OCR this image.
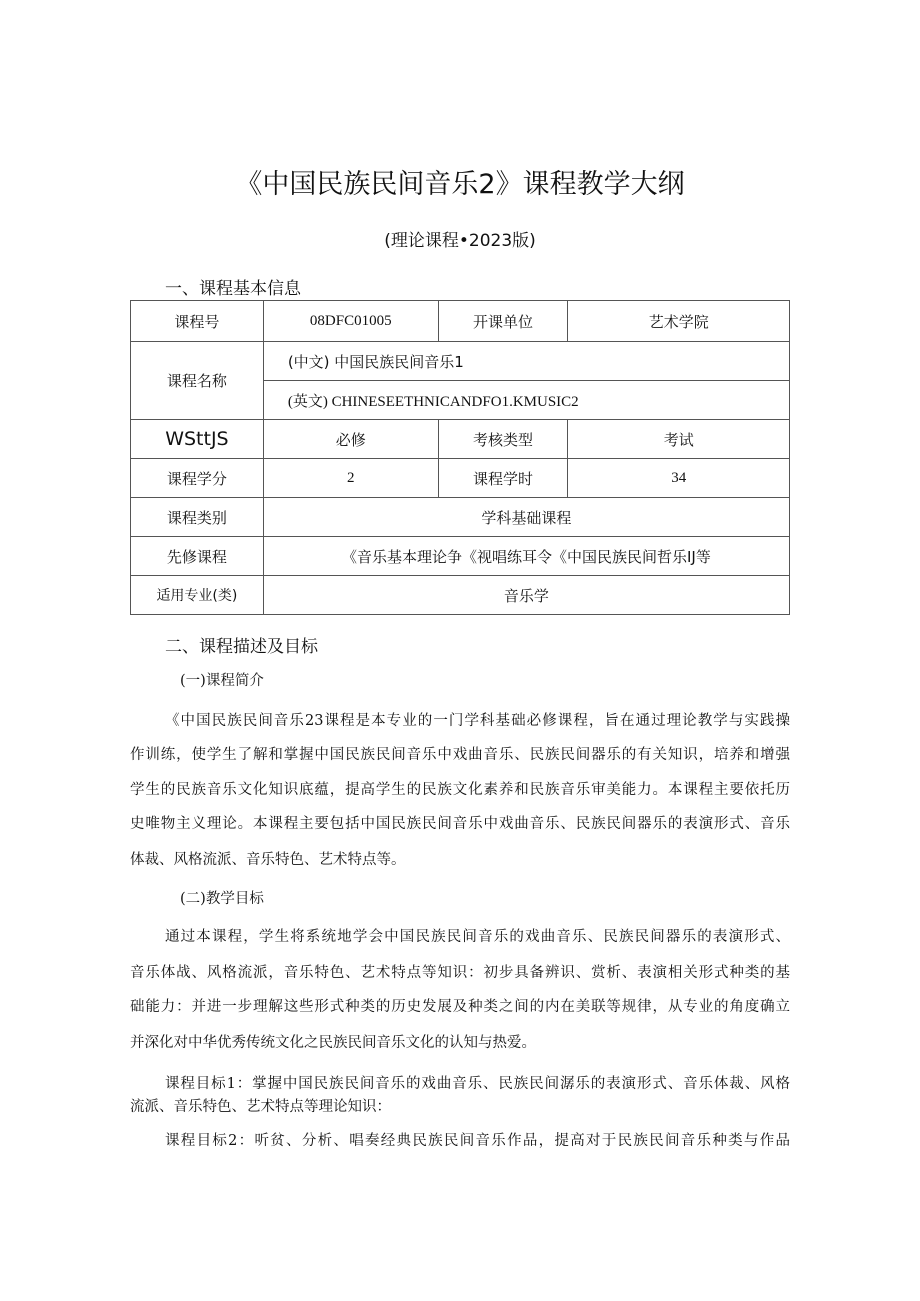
《中国民族民间音乐2》课程教学大纲
(理论课程•2023版)
一、课程基本信息
课程号	08DFC01005	开课单位	艺术学院
课程名称	(中文) 中国民族民间音乐1		
	(英文) CHINESEETHNICANDFO1.KMUSIC2		
WSttJS	必修	考核类型	考试
课程学分	2	课程学时	34
课程类别	学科基础课程		
先修课程	《音乐基本理论争《视唱练耳令《中国民族民间哲乐IJ等		
适用专业(类)	音乐学		
二、课程描述及目标
(一)课程简介
《中国民族民间音乐23课程是本专业的一门学科基础必修课程，旨在通过理论教学与实践操
作训练，使学生了解和掌握中国民族民间音乐中戏曲音乐、民族民间器乐的有关知识，培养和增强
学生的民族音乐文化知识底蕴，提高学生的民族文化素养和民族音乐审美能力。本课程主要依托历
史唯物主义理论。本课程主要包括中国民族民间音乐中戏曲音乐、民族民间器乐的表演形式、音乐
体裁、风格流派、音乐特色、艺术特点等。
(二)教学目标
通过本课程，学生将系统地学会中国民族民间音乐的戏曲音乐、民族民间器乐的表演形式、
音乐体战、风格流派，音乐特色、艺术特点等知识：初步具备辨识、赏析、表演相关形式种类的基
础能力：并进一步理解这些形式种类的历史发展及种类之间的内在美联等规律，从专业的角度确立
并深化对中华优秀传统文化之民族民间音乐文化的认知与热爱。
课程目标1：掌握中国民族民间音乐的戏曲音乐、民族民间潺乐的表演形式、音乐体裁、风格
流派、音乐特色、艺术特点等理论知识：
课程目标2：听贫、分析、唱奏经典民族民间音乐作品，提高对于民族民间音乐种类与作品
